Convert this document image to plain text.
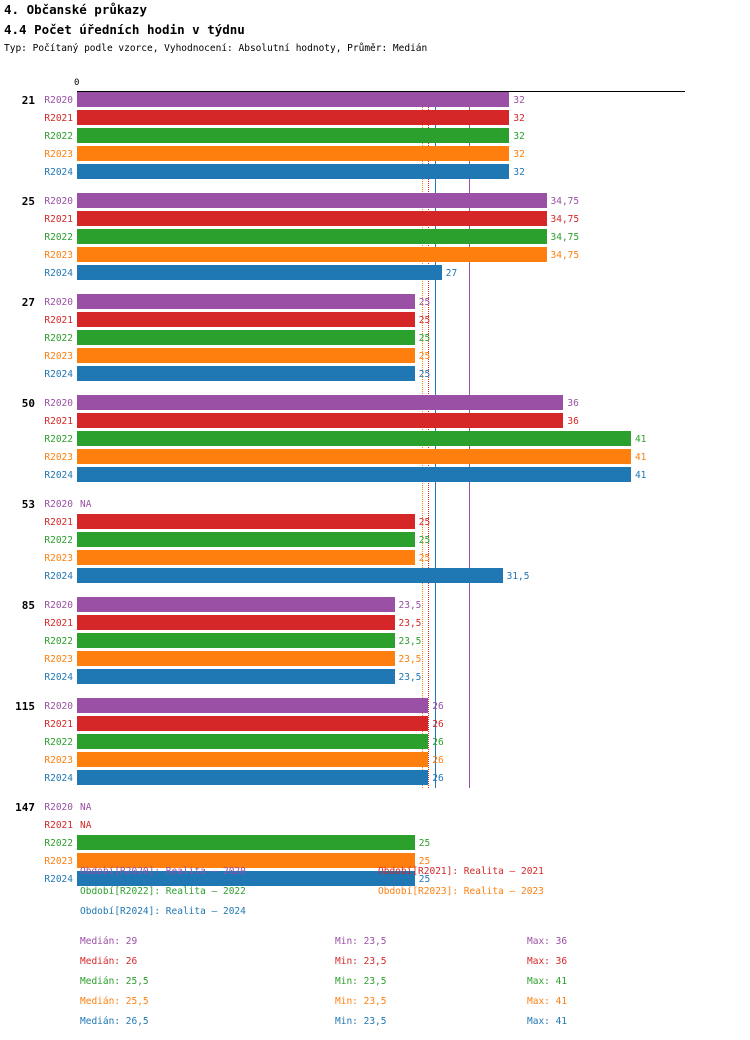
4. Občanské průkazy
4.4 Počet úředních hodin v týdnu
Typ: Počítaný podle vzorce, Vyhodnocení: Absolutní hodnoty, Průměr: Medián
0
21 R2020	32
R2021	32
R2022	32
R2023	32
R2024	32
25 R2020	34,75
R2021	34,75
R2022	34,75
R2023	34,75
R2024	27
27 R2020	25
R2021	25
R2022	25
R2023	25
R2024	25
50 R2020	36
R2021	36
R2022	41
R2023	41
R2024	41
53 R2020 NA
R2021	25
R2022	25
R2023	25
R2024	31,5
85 R2020	23,5
R2021	23,5
R2022	23,5
R2023	23,5
R2024	23,5
115 R2020	26
R2021	26
R2022	26
R2023	26
R2024	26
147 R2020 NA
R2021 NA
R2022	25
R2023	25
R2024	25
Období[R2020]: Realita – 2020	Období[R2021]: Realita – 2021
Období[R2022]: Realita – 2022	Období[R2023]: Realita – 2023
Období[R2024]: Realita – 2024
Medián: 29	Min: 23,5	Max: 36
Medián: 26	Min: 23,5	Max: 36
Medián: 25,5	Min: 23,5	Max: 41
Medián: 25,5	Min: 23,5	Max: 41
Medián: 26,5	Min: 23,5	Max: 41
